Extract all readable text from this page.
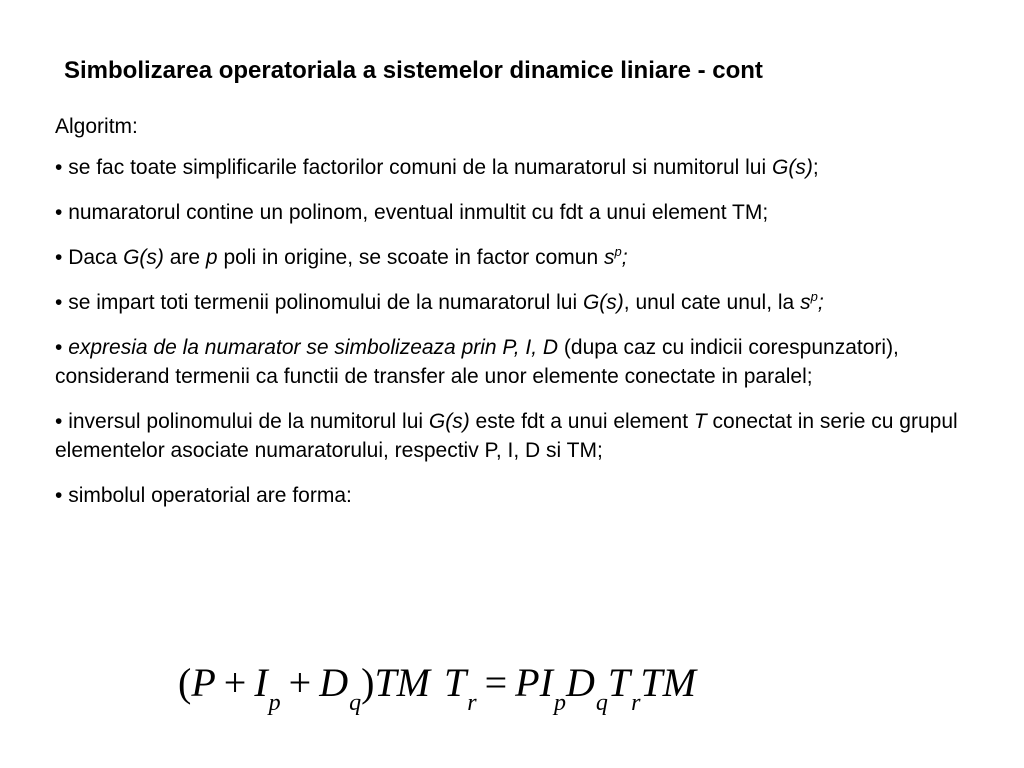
Simbolizarea operatoriala a sistemelor dinamice liniare - cont

Algoritm:

• se fac toate simplificarile factorilor comuni de la numaratorul si numitorul lui G(s);

• numaratorul contine un polinom, eventual inmultit cu fdt a unui element TM;

• Daca G(s) are p poli in origine, se scoate in factor comun $s^p$;

• se impart toti termenii polinomului de la numaratorul lui G(s), unul cate unul, la $s^p$;

• expresia de la numarator se simbolizeaza prin P, I, D (dupa caz cu indicii corespunzatori), considerand termenii ca functii de transfer ale unor elemente conectate in paralel;

• inversul polinomului de la numitorul lui G(s) este fdt a unui element T conectat in serie cu grupul elementelor asociate numaratorului, respectiv P, I, D si TM;

• simbolul operatorial are forma:

$(P + I_p + D_q)TM$ $T_r = PI_pD_qT_rTM$
